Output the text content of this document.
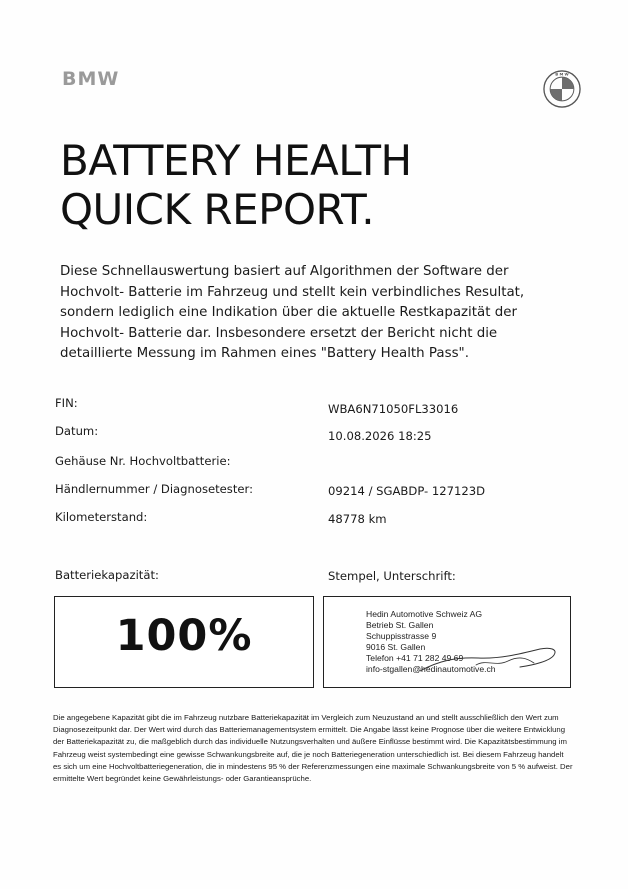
BMW	B M W
BATTERY HEALTH
QUICK REPORT.

Diese Schnellauswertung basiert auf Algorithmen der Software der Hochvolt- Batterie im Fahrzeug und stellt kein verbindliches Resultat, sondern lediglich eine Indikation über die aktuelle Restkapazität der Hochvolt- Batterie dar. Insbesondere ersetzt der Bericht nicht die detaillierte Messung im Rahmen eines "Battery Health Pass".

FIN:	WBA6N71050FL33016
Datum:	10.08.2026 18:25
Gehäuse Nr. Hochvoltbatterie:
Händlernummer / Diagnosetester:	09214 / SGABDP- 127123D
Kilometerstand:	48778 km
Batteriekapazität:	Stempel, Unterschrift:
100%	Hedin Automotive Schweiz AG
Betrieb St. Gallen
Schuppisstrasse 9
9016 St. Gallen
Telefon +41 71 282 49 69
info-stgallen@hedinautomotive.ch

Die angegebene Kapazität gibt die im Fahrzeug nutzbare Batteriekapazität im Vergleich zum Neuzustand an und stellt ausschließlich den Wert zum Diagnosezeitpunkt dar. Der Wert wird durch das Batteriemanagementsystem ermittelt. Die Angabe lässt keine Prognose über die weitere Entwicklung der Batteriekapazität zu, die maßgeblich durch das individuelle Nutzungsverhalten und äußere Einflüsse bestimmt wird. Die Kapazitätsbestimmung im Fahrzeug weist systembedingt eine gewisse Schwankungsbreite auf, die je noch Batteriegeneration unterschiedlich ist. Bei diesem Fahrzeug handelt es sich um eine Hochvoltbatteriegeneration, die in mindestens 95 % der Referenzmessungen eine maximale Schwankungsbreite von 5 % aufweist. Der ermittelte Wert begründet keine Gewährleistungs- oder Garantieansprüche.
